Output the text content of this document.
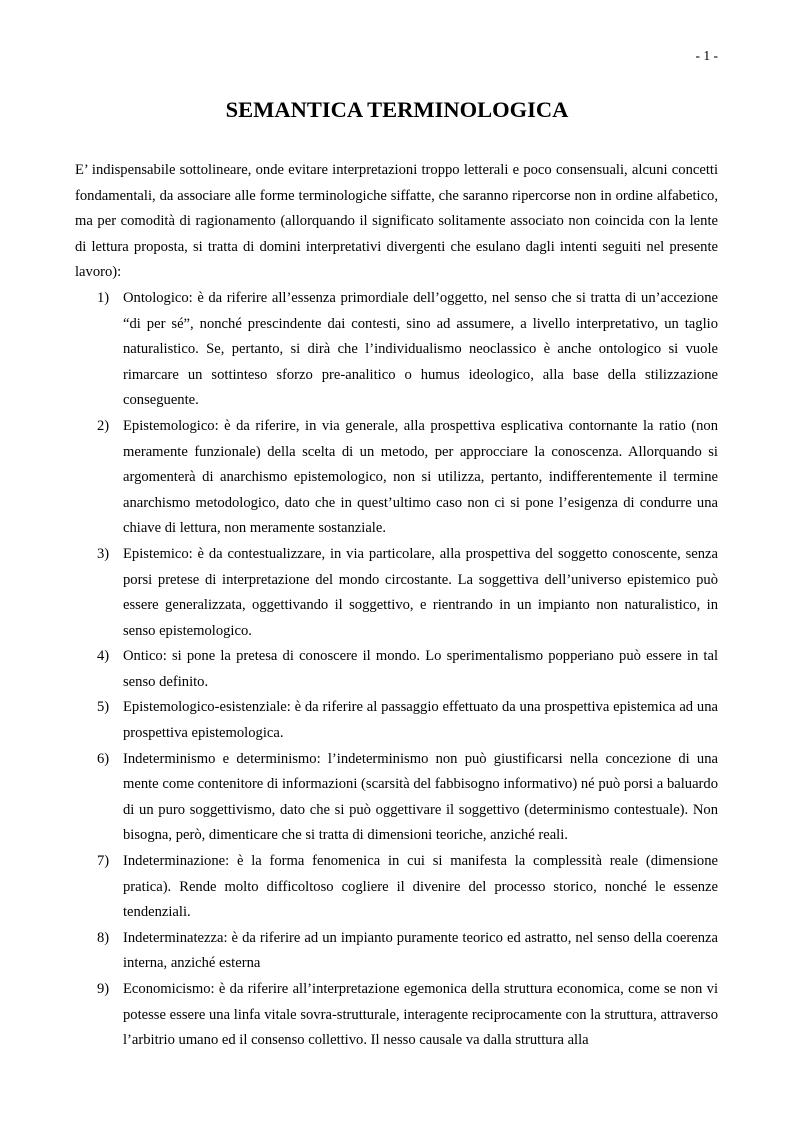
- 1 -
SEMANTICA TERMINOLOGICA

E’ indispensabile sottolineare, onde evitare interpretazioni troppo letterali e poco consensuali, alcuni concetti fondamentali, da associare alle forme terminologiche siffatte, che saranno ripercorse non in ordine alfabetico, ma per comodità di ragionamento (allorquando il significato solitamente associato non coincida con la lente di lettura proposta, si tratta di domini interpretativi divergenti che esulano dagli intenti seguiti nel presente lavoro):

1) Ontologico: è da riferire all’essenza primordiale dell’oggetto, nel senso che si tratta di un’accezione “di per sé”, nonché prescindente dai contesti, sino ad assumere, a livello interpretativo, un taglio naturalistico. Se, pertanto, si dirà che l’individualismo neoclassico è anche ontologico si vuole rimarcare un sottinteso sforzo pre-analitico o humus ideologico, alla base della stilizzazione conseguente.
2) Epistemologico: è da riferire, in via generale, alla prospettiva esplicativa contornante la ratio (non meramente funzionale) della scelta di un metodo, per approcciare la conoscenza. Allorquando si argomenterà di anarchismo epistemologico, non si utilizza, pertanto, indifferentemente il termine anarchismo metodologico, dato che in quest’ultimo caso non ci si pone l’esigenza di condurre una chiave di lettura, non meramente sostanziale.
3) Epistemico: è da contestualizzare, in via particolare, alla prospettiva del soggetto conoscente, senza porsi pretese di interpretazione del mondo circostante. La soggettiva dell’universo epistemico può essere generalizzata, oggettivando il soggettivo, e rientrando in un impianto non naturalistico, in senso epistemologico.
4) Ontico: si pone la pretesa di conoscere il mondo. Lo sperimentalismo popperiano può essere in tal senso definito.
5) Epistemologico-esistenziale: è da riferire al passaggio effettuato da una prospettiva epistemica ad una prospettiva epistemologica.
6) Indeterminismo e determinismo: l’indeterminismo non può giustificarsi nella concezione di una mente come contenitore di informazioni (scarsità del fabbisogno informativo) né può porsi a baluardo di un puro soggettivismo, dato che si può oggettivare il soggettivo (determinismo contestuale). Non bisogna, però, dimenticare che si tratta di dimensioni teoriche, anziché reali.
7) Indeterminazione: è la forma fenomenica in cui si manifesta la complessità reale (dimensione pratica). Rende molto difficoltoso cogliere il divenire del processo storico, nonché le essenze tendenziali.
8) Indeterminatezza: è da riferire ad un impianto puramente teorico ed astratto, nel senso della coerenza interna, anziché esterna
9) Economicismo: è da riferire all’interpretazione egemonica della struttura economica, come se non vi potesse essere una linfa vitale sovra-strutturale, interagente reciprocamente con la struttura, attraverso l’arbitrio umano ed il consenso collettivo. Il nesso causale va dalla struttura alla
